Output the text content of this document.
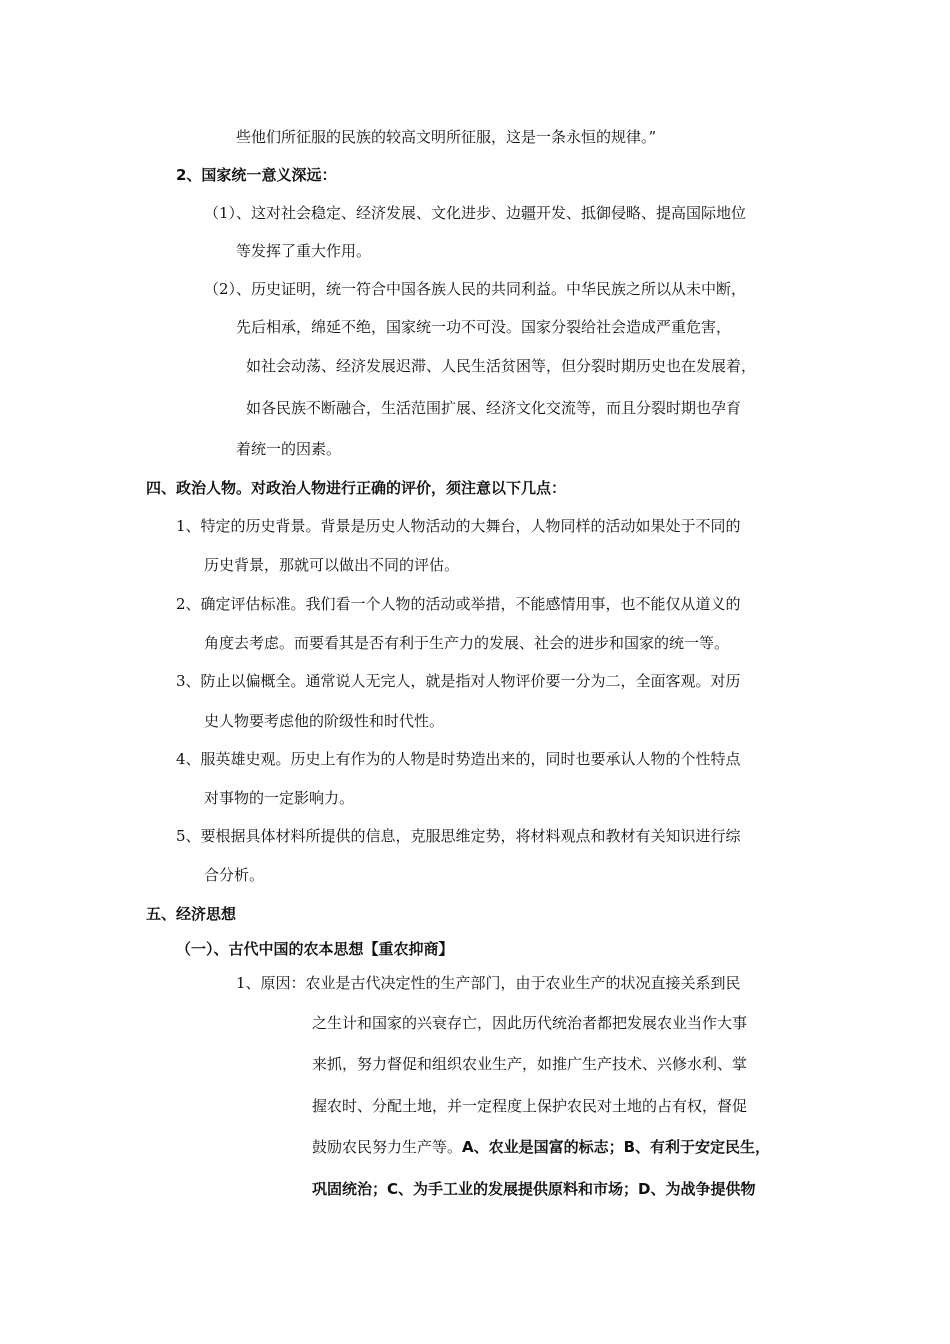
些他们所征服的民族的较高文明所征服，这是一条永恒的规律。”
2、国家统一意义深远：
（1）、这对社会稳定、经济发展、文化进步、边疆开发、抵御侵略、提高国际地位
等发挥了重大作用。
（2）、历史证明，统一符合中国各族人民的共同利益。中华民族之所以从未中断，
先后相承，绵延不绝，国家统一功不可没。国家分裂给社会造成严重危害，
如社会动荡、经济发展迟滞、人民生活贫困等，但分裂时期历史也在发展着，
如各民族不断融合，生活范围扩展、经济文化交流等，而且分裂时期也孕育
着统一的因素。
四、政治人物。对政治人物进行正确的评价，须注意以下几点：
1、特定的历史背景。背景是历史人物活动的大舞台，人物同样的活动如果处于不同的
历史背景，那就可以做出不同的评估。
2、确定评估标准。我们看一个人物的活动或举措，不能感情用事，也不能仅从道义的
角度去考虑。而要看其是否有利于生产力的发展、社会的进步和国家的统一等。
3、防止以偏概全。通常说人无完人，就是指对人物评价要一分为二，全面客观。对历
史人物要考虑他的阶级性和时代性。
4、服英雄史观。历史上有作为的人物是时势造出来的，同时也要承认人物的个性特点
对事物的一定影响力。
5、要根据具体材料所提供的信息，克服思维定势，将材料观点和教材有关知识进行综
合分析。
五、经济思想
（一）、古代中国的农本思想【重农抑商】
1、原因：农业是古代决定性的生产部门，由于农业生产的状况直接关系到民
之生计和国家的兴衰存亡，因此历代统治者都把发展农业当作大事
来抓，努力督促和组织农业生产，如推广生产技术、兴修水利、掌
握农时、分配土地，并一定程度上保护农民对土地的占有权，督促
鼓励农民努力生产等。A、农业是国富的标志；B、有利于安定民生，
巩固统治；C、为手工业的发展提供原料和市场；D、为战争提供物
